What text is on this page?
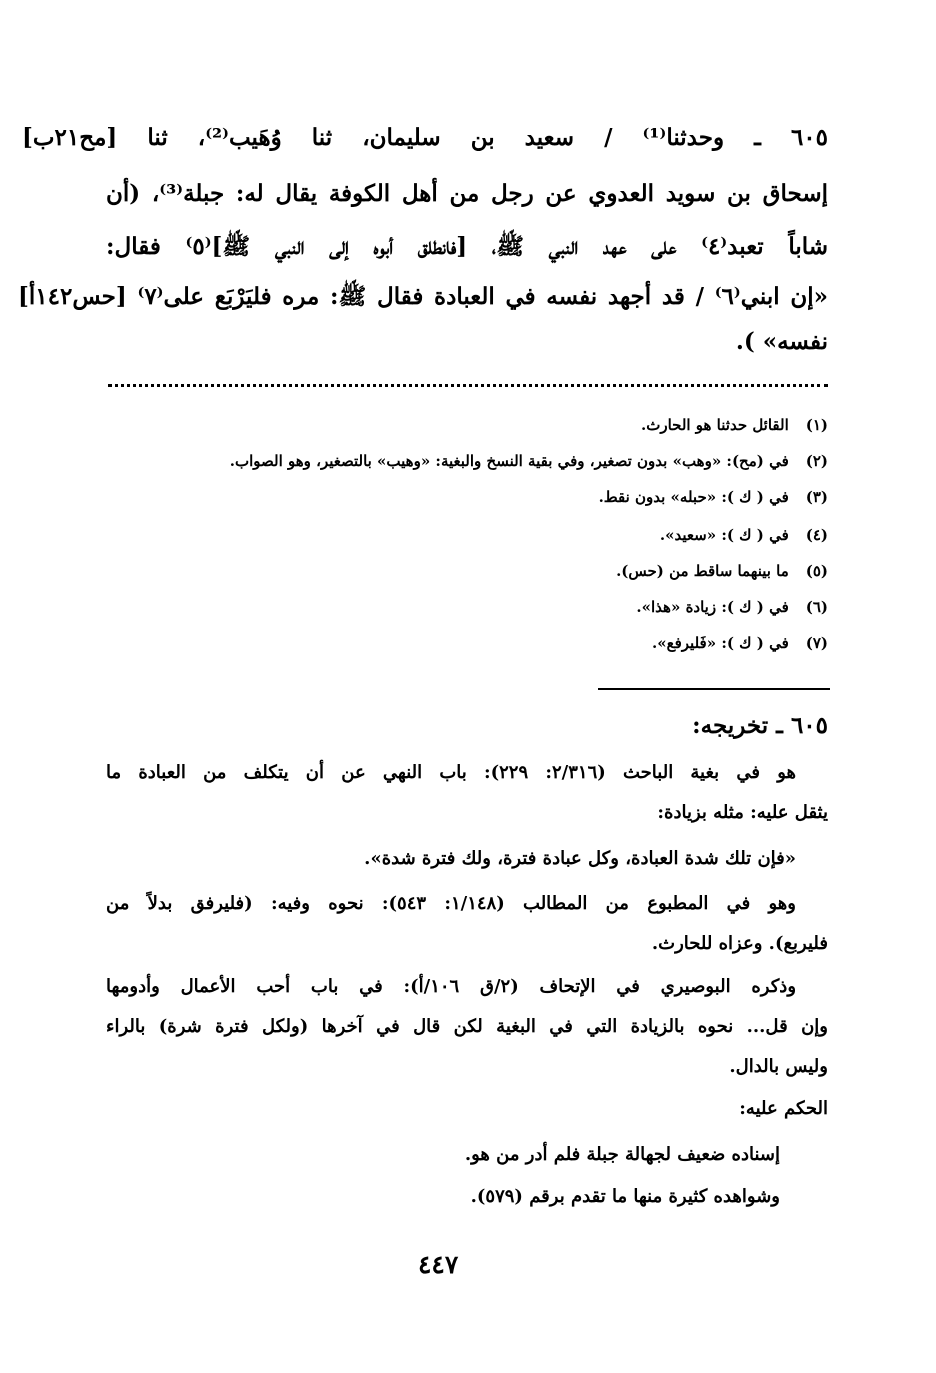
٦٠٥ ـ وحدثنا⁽¹⁾ / سعيد بن سليمان، ثنا وُهَيب⁽²⁾، ثنا [مح٢١ب]
إسحاق بن سويد العدوي عن رجل من أهل الكوفة يقال له: جبلة⁽³⁾، (أن
شاباً تعبد⁽٤⁾ على عهد النبي ﷺ، [فانطلق أبوه إلى النبي ﷺ]⁽٥⁾ فقال:
«إن ابني⁽٦⁾ / قد أجهد نفسه في العبادة فقال ﷺ: مره فليَرْبَع على⁽٧⁾ [حس١٤٢أ]
نفسه» ).
(١) القائل حدثنا هو الحارث.
(٢) في (مح): «وهب» بدون تصغير، وفي بقية النسخ والبغية: «وهيب» بالتصغير، وهو الصواب.
(٣) في ( ك ): «حبله» بدون نقط.
(٤) في ( ك ): «سعيد».
(٥) ما بينهما ساقط من (حس).
(٦) في ( ك ): زيادة «هذا».
(٧) في ( ك ): «فَليرفع».
٦٠٥ ـ تخريجه:
هو في بغية الباحث (٢/٣١٦: ٢٢٩): باب النهي عن أن يتكلف من العبادة ما
يثقل عليه: مثله بزيادة:
«فإن تلك شدة العبادة، وكل عبادة فترة، ولك فترة شدة».
وهو في المطبوع من المطالب (١/١٤٨: ٥٤٣): نحوه وفيه: (فليرفق بدلاً من
فليربع). وعزاه للحارث.
وذكره البوصيري في الإتحاف (٢/ق ١٠٦/أ): في باب أحب الأعمال وأدومها
وإن قل... نحوه بالزيادة التي في البغية لكن قال في آخرها (ولكل فترة شرة) بالراء
وليس بالدال.
الحكم عليه:
إسناده ضعيف لجهالة جبلة فلم أدر من هو.
وشواهده كثيرة منها ما تقدم برقم (٥٧٩).
٤٤٧
